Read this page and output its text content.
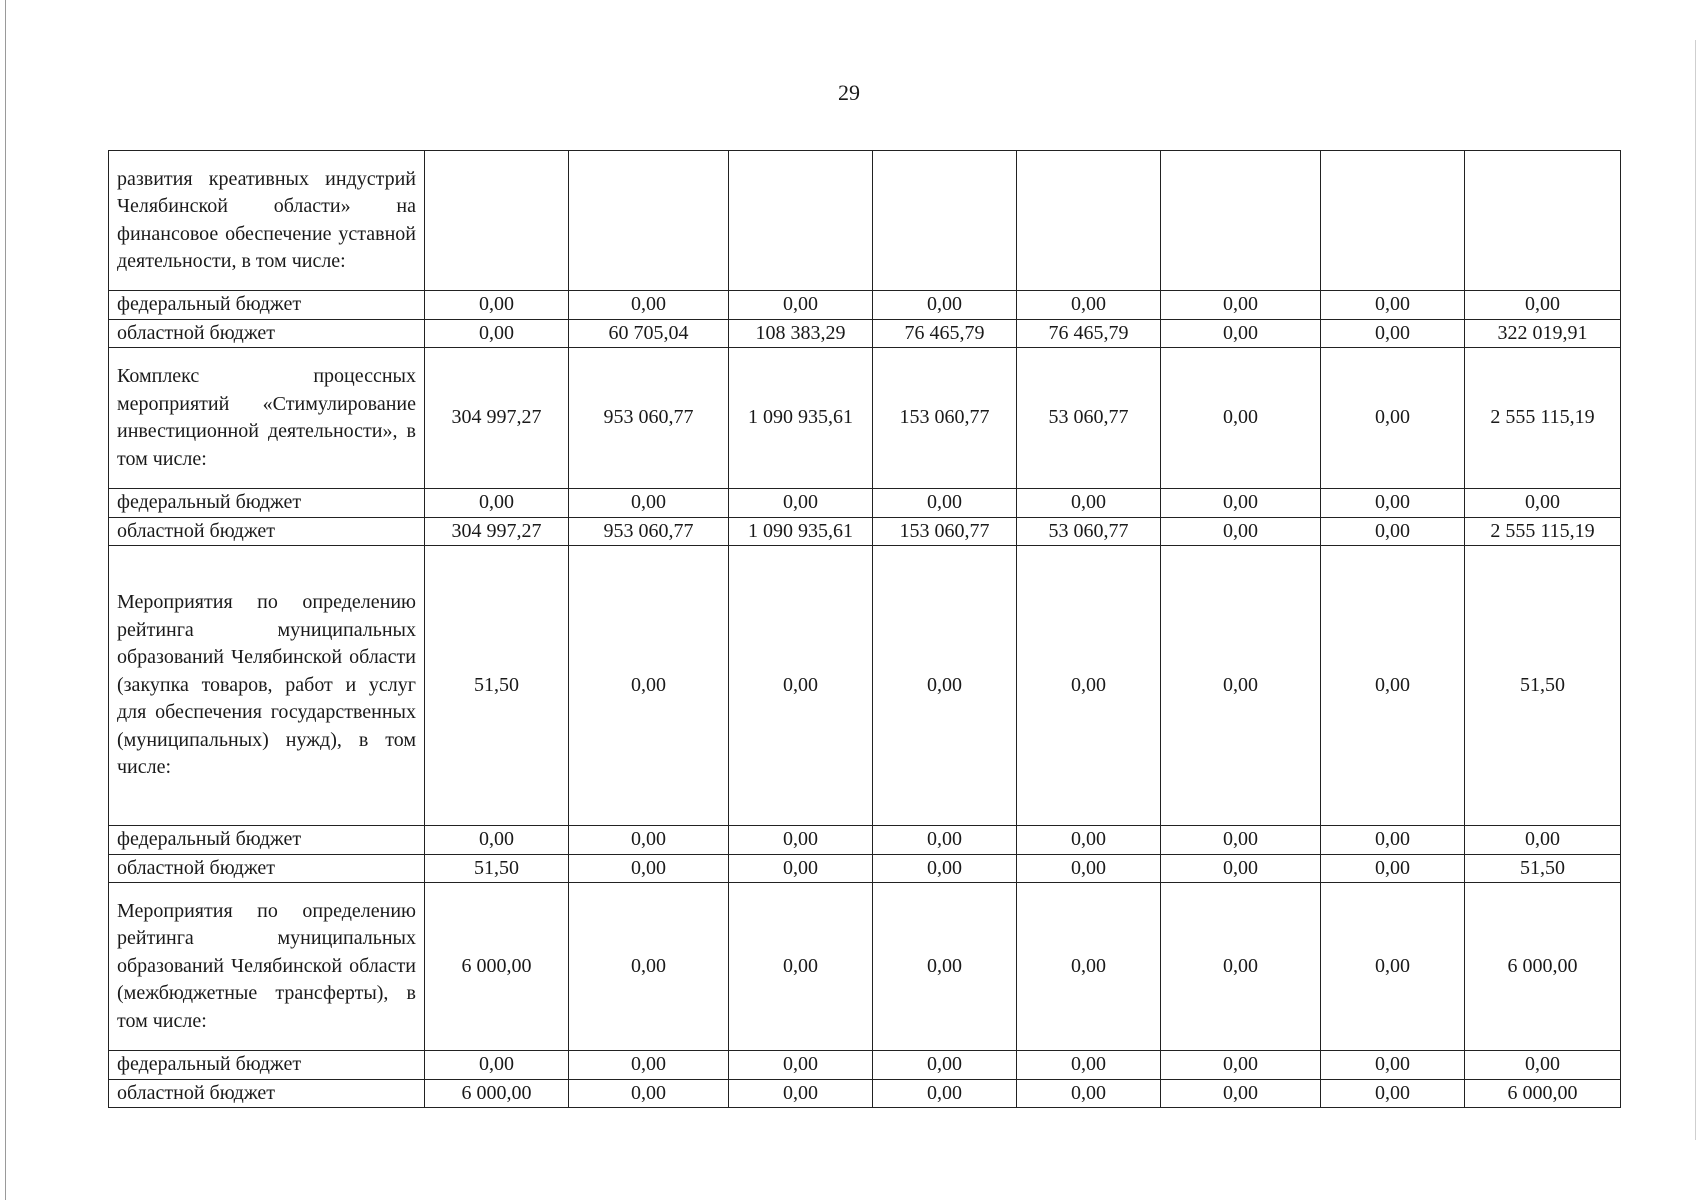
29
развития креативных индустрий Челябинской области» на финансовое обеспечение уставной деятельности, в том числе:								
федеральный бюджет	0,00	0,00	0,00	0,00	0,00	0,00	0,00	0,00
областной бюджет	0,00	60 705,04	108 383,29	76 465,79	76 465,79	0,00	0,00	322 019,91
Комплекс процессных мероприятий «Стимулирование инвестиционной деятельности», в том числе:	304 997,27	953 060,77	1 090 935,61	153 060,77	53 060,77	0,00	0,00	2 555 115,19
федеральный бюджет	0,00	0,00	0,00	0,00	0,00	0,00	0,00	0,00
областной бюджет	304 997,27	953 060,77	1 090 935,61	153 060,77	53 060,77	0,00	0,00	2 555 115,19
Мероприятия по определению рейтинга муниципальных образований Челябинской области (закупка товаров, работ и услуг для обеспечения государственных (муниципальных) нужд), в том числе:	51,50	0,00	0,00	0,00	0,00	0,00	0,00	51,50
федеральный бюджет	0,00	0,00	0,00	0,00	0,00	0,00	0,00	0,00
областной бюджет	51,50	0,00	0,00	0,00	0,00	0,00	0,00	51,50
Мероприятия по определению рейтинга муниципальных образований Челябинской области (межбюджетные трансферты), в том числе:	6 000,00	0,00	0,00	0,00	0,00	0,00	0,00	6 000,00
федеральный бюджет	0,00	0,00	0,00	0,00	0,00	0,00	0,00	0,00
областной бюджет	6 000,00	0,00	0,00	0,00	0,00	0,00	0,00	6 000,00
